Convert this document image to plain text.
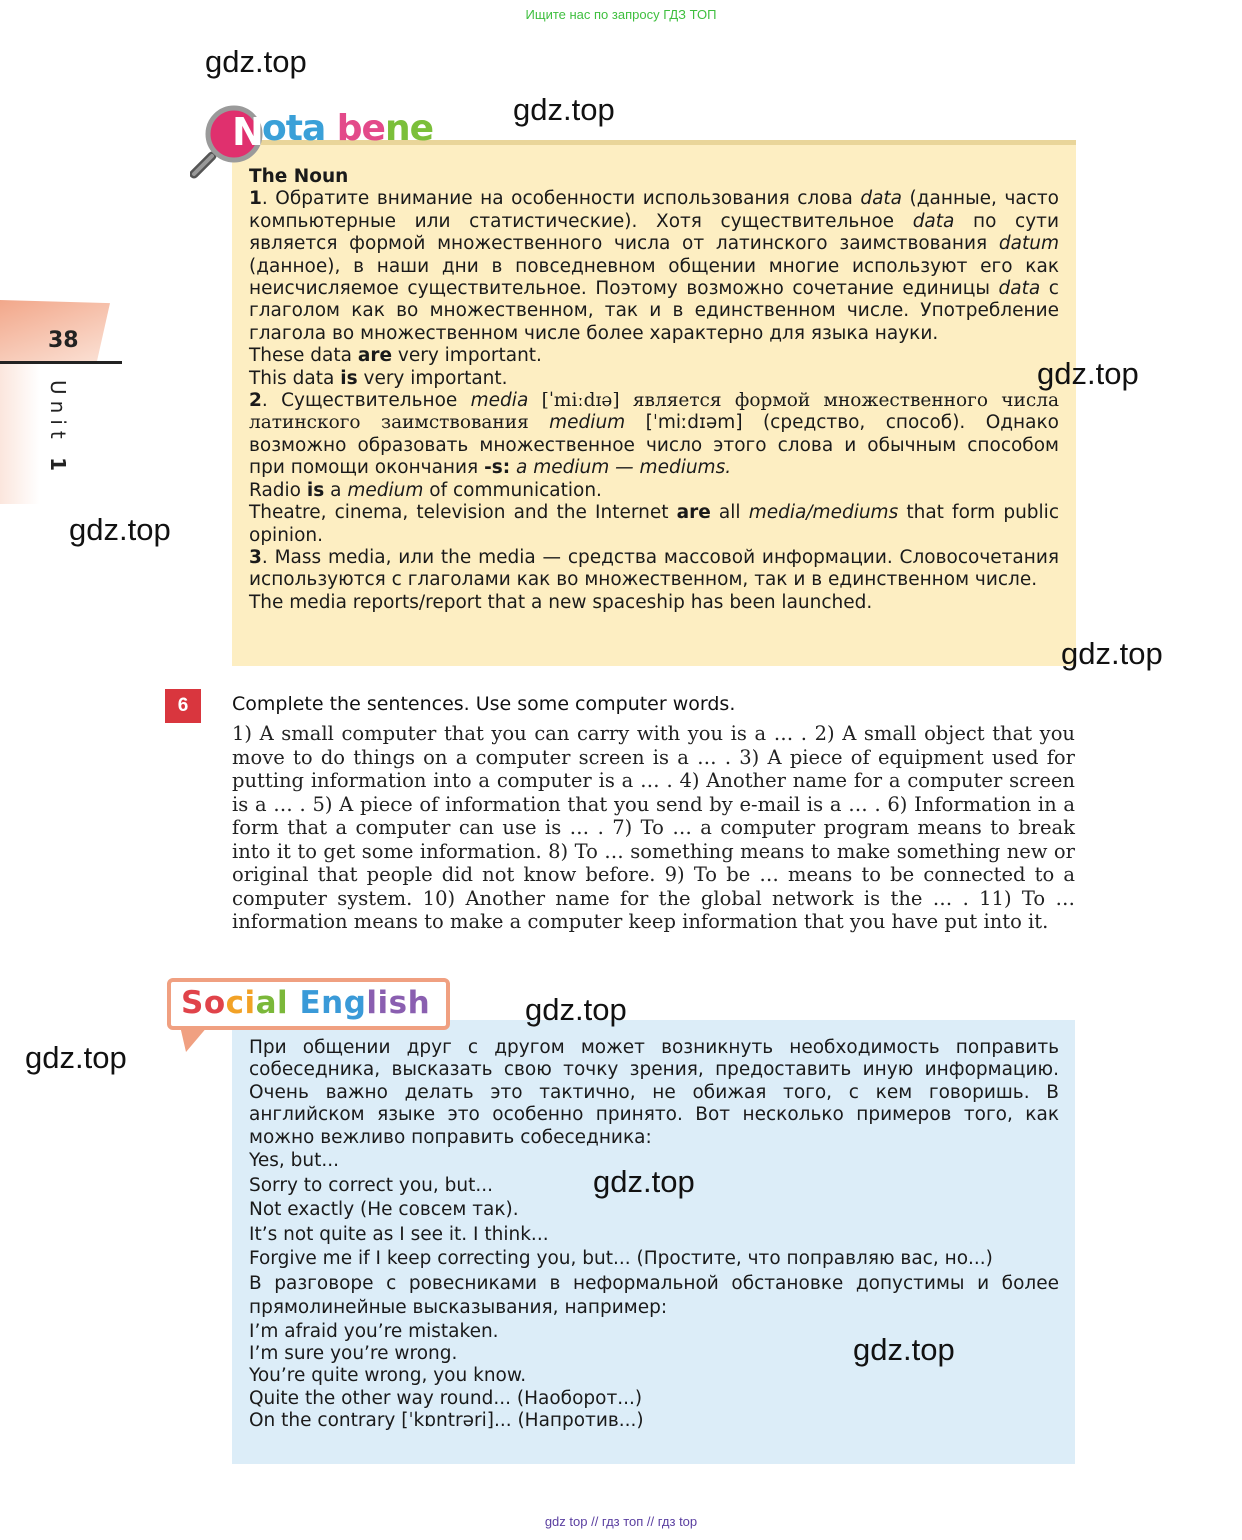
Ищите нас по запросу ГДЗ ТОП
38
Unit 1
N ota bene

The Noun

1. Обратите внимание на особенности использования слова data (данные, часто компьютерные или статистические). Хотя существительное data по сути является формой множественного числа от латинского заимствования datum (данное), в наши дни в повседневном общении многие используют его как неисчисляемое существительное. Поэтому возможно сочетание единицы data с глаголом как во множественном, так и в единственном числе. Употребление глагола во множественном числе более характерно для языка науки.

These data are very important.

This data is very important.

2. Существительное media [ˈmiːdɪə] является формой множественного числа латинского заимствования medium [ˈmiːdɪəm] (средство, способ). Однако возможно образовать множественное число этого слова и обычным способом при помощи окончания -s: a medium — mediums.

Radio is a medium of communication.

Theatre, cinema, television and the Internet are all media/mediums that form public opinion.

3. Mass media, или the media — средства массовой информации. Словосочетания используются с глаголами как во множественном, так и в единственном числе.

The media reports/report that a new spaceship has been launched.

6	Complete the sentences. Use some computer words.
1) A small computer that you can carry with you is a … . 2) A small object that you move to do things on a computer screen is a … . 3) A piece of equipment used for putting information into a computer is a … . 4) Another name for a computer screen is a … . 5) A piece of information that you send by e-mail is a … . 6) Information in a form that a computer can use is … . 7) To … a computer program means to break into it to get some information. 8) To … something means to make something new or original that people did not know before. 9) To be … means to be connected to a computer system. 10) Another name for the global network is the … . 11) To … information means to make a computer keep information that you have put into it.
Social English

При общении друг с другом может возникнуть необходимость поправить собеседника, высказать свою точку зрения, предоставить иную информацию. Очень важно делать это тактично, не обижая того, с кем говоришь. В английском языке это особенно принято. Вот несколько примеров того, как можно вежливо поправить собеседника:

Yes, but...

Sorry to correct you, but...

Not exactly (Не совсем так).

It’s not quite as I see it. I think...

Forgive me if I keep correcting you, but... (Простите, что поправляю вас, но...)

В разговоре с ровесниками в неформальной обстановке допустимы и более прямолинейные высказывания, например:

I’m afraid you’re mistaken.

I’m sure you’re wrong.

You’re quite wrong, you know.

Quite the other way round... (Наоборот...)

On the contrary [ˈkɒntrəri]... (Напротив...)

gdz.top
gdz.top
gdz.top
gdz.top
gdz.top
gdz.top
gdz.top
gdz.top
gdz.top
gdz top // гдз топ // гдз top
